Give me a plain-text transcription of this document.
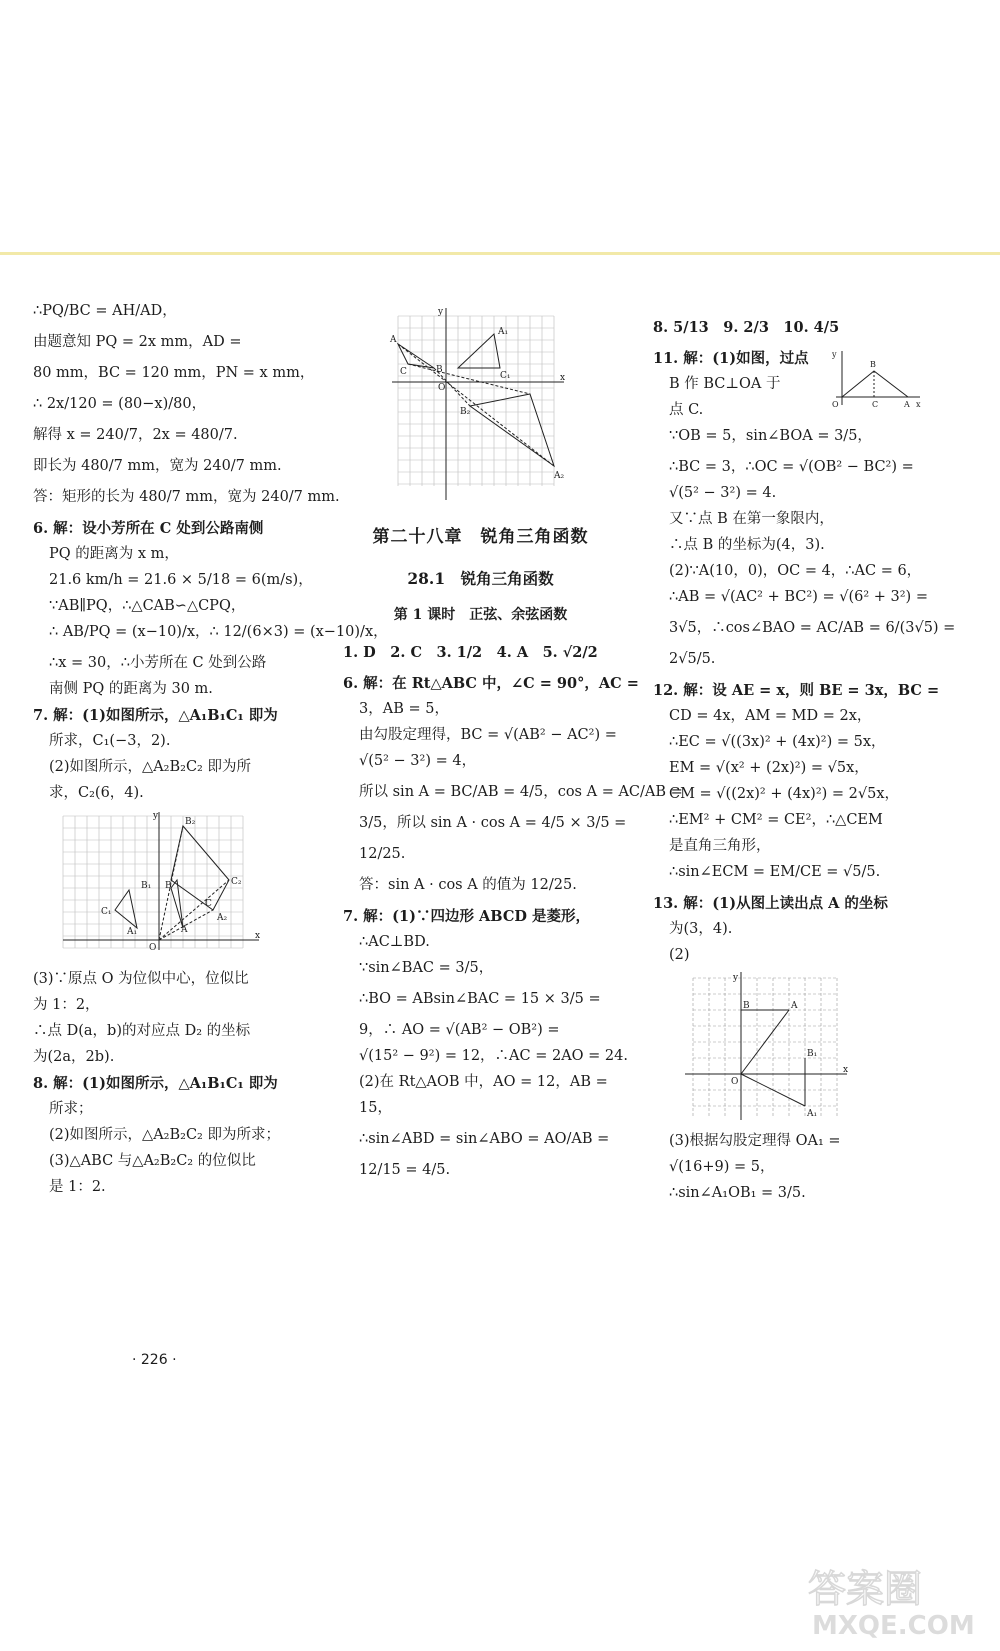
∴PQ/BC = AH/AD，
由题意知 PQ = 2x mm，AD =
80 mm，BC = 120 mm，PN = x mm，
∴ 2x/120 = (80−x)/80，
解得 x = 240/7，2x = 480/7.
即长为 480/7 mm，宽为 240/7 mm.
答：矩形的长为 480/7 mm，宽为 240/7 mm.
6. 解：设小芳所在 C 处到公路南侧
PQ 的距离为 x m，
21.6 km/h = 21.6 × 5/18 = 6(m/s)，
∵AB∥PQ，∴△CAB∽△CPQ，
∴ AB/PQ = (x−10)/x，∴ 12/(6×3) = (x−10)/x，
∴x = 30，∴小芳所在 C 处到公路
南侧 PQ 的距离为 30 m.
7. 解：(1)如图所示，△A₁B₁C₁ 即为
所求，C₁(−3，2).
(2)如图所示，△A₂B₂C₂ 即为所
求，C₂(6，4).
y
B₂
B₁ B	C₂
C₁
A₁
C
A
A₂
O
x
(3)∵原点 O 为位似中心，位似比
为 1：2，
∴点 D(a，b)的对应点 D₂ 的坐标
为(2a，2b).
8. 解：(1)如图所示，△A₁B₁C₁ 即为
所求；
(2)如图所示，△A₂B₂C₂ 即为所求；
(3)△ABC 与△A₂B₂C₂ 的位似比
是 1：2.
y
A
A₁
C	B
C₁
O
B₂
x
A₂
第二十八章　锐角三角函数
28.1　锐角三角函数
第 1 课时　正弦、余弦函数
1. D　2. C　3. 1/2　4. A　5. √2/2
6. 解：在 Rt△ABC 中，∠C = 90°，AC =
3，AB = 5，
由勾股定理得，BC = √(AB² − AC²) =
√(5² − 3²) = 4，
所以 sin A = BC/AB = 4/5，cos A = AC/AB =
3/5，所以 sin A · cos A = 4/5 × 3/5 =
12/25.
答：sin A · cos A 的值为 12/25.
7. 解：(1)∵四边形 ABCD 是菱形，
∴AC⊥BD.
∵sin∠BAC = 3/5，
∴BO = ABsin∠BAC = 15 × 3/5 =
9，∴ AO = √(AB² − OB²) =
√(15² − 9²) = 12，∴AC = 2AO = 24.
(2)在 Rt△AOB 中，AO = 12，AB =
15，
∴sin∠ABD = sin∠ABO = AO/AB =
12/15 = 4/5.
8. 5/13　9. 2/3　10. 4/5
y
B
O	C	A x
11. 解：(1)如图，过点
B 作 BC⊥OA 于
点 C.
∵OB = 5，sin∠BOA = 3/5，
∴BC = 3，∴OC = √(OB² − BC²) =
√(5² − 3²) = 4.
又∵点 B 在第一象限内，
∴点 B 的坐标为(4，3).
(2)∵A(10，0)，OC = 4，∴AC = 6，
∴AB = √(AC² + BC²) = √(6² + 3²) =
3√5，∴cos∠BAO = AC/AB = 6/(3√5) =
2√5/5.
12. 解：设 AE = x，则 BE = 3x，BC =
CD = 4x，AM = MD = 2x，
∴EC = √((3x)² + (4x)²) = 5x，
EM = √(x² + (2x)²) = √5x，
CM = √((2x)² + (4x)²) = 2√5x，
∴EM² + CM² = CE²，∴△CEM
是直角三角形，
∴sin∠ECM = EM/CE = √5/5.
13. 解：(1)从图上读出点 A 的坐标
为(3，4).
(2)
y
B	A
B₁
O
A₁
x
(3)根据勾股定理得 OA₁ =
√(16+9) = 5，
∴sin∠A₁OB₁ = 3/5.
· 226 ·
答案圈
MXQE.COM
